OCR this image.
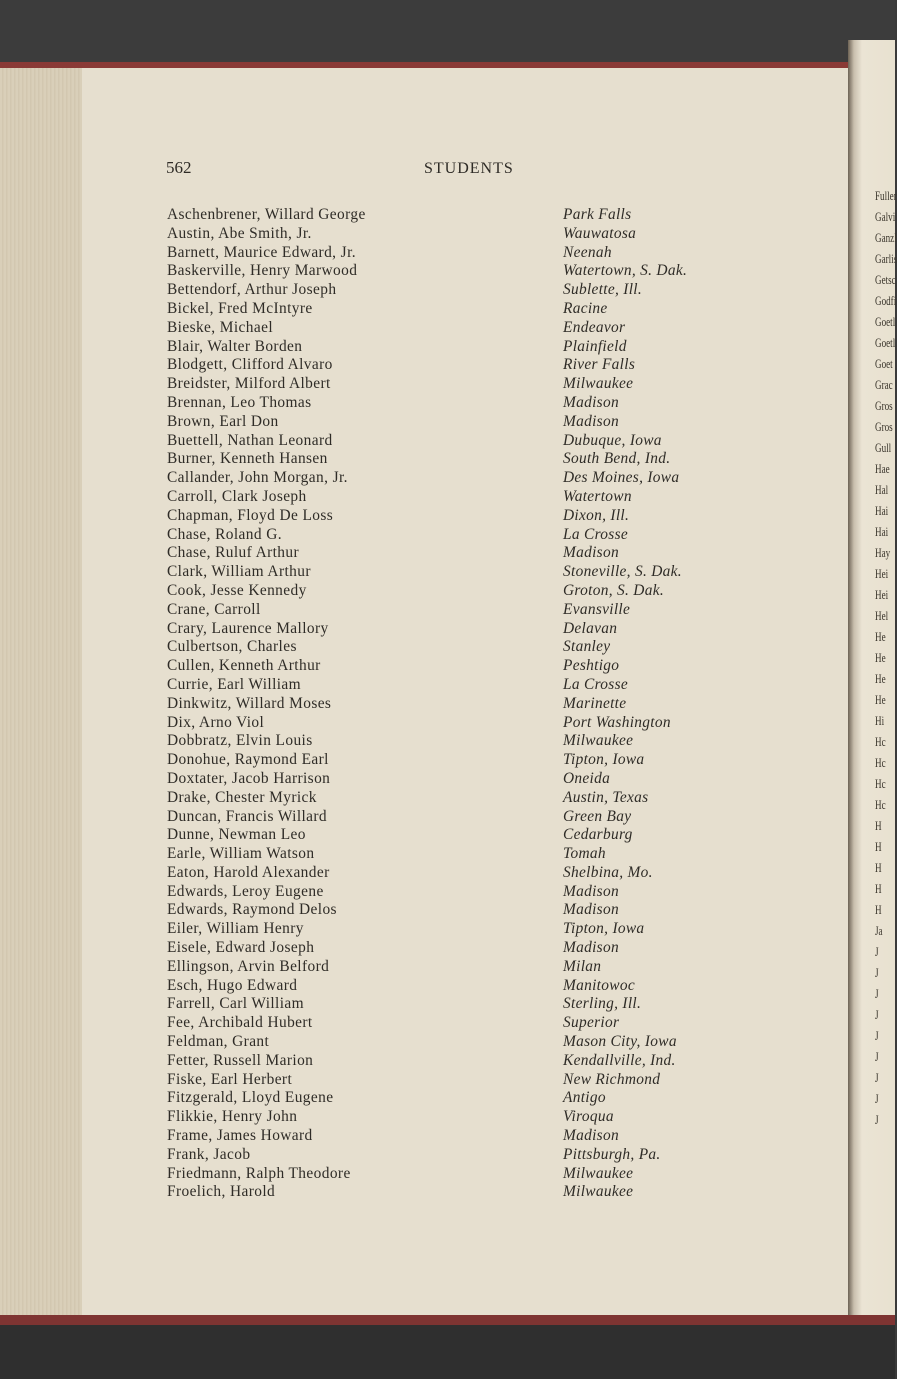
Fuller
Galvi
Ganzl
Garlis
Getsc
Godfi
Goetl
Goetl
Goet
Grac
Gros
Gros
Gull
Hae
Hal
Hai
Hai
Hay
Hei
Hei
Hel
He
He
He
He
Hi
Hc
Hc
Hc
Hc
H
H
H
H
H
Ja
J
J
J
J
J
J
J
J
J
562	STUDENTS
Aschenbrener, Willard George	Park Falls
Austin, Abe Smith, Jr.	Wauwatosa
Barnett, Maurice Edward, Jr.	Neenah
Baskerville, Henry Marwood	Watertown, S. Dak.
Bettendorf, Arthur Joseph	Sublette, Ill.
Bickel, Fred McIntyre	Racine
Bieske, Michael	Endeavor
Blair, Walter Borden	Plainfield
Blodgett, Clifford Alvaro	River Falls
Breidster, Milford Albert	Milwaukee
Brennan, Leo Thomas	Madison
Brown, Earl Don	Madison
Buettell, Nathan Leonard	Dubuque, Iowa
Burner, Kenneth Hansen	South Bend, Ind.
Callander, John Morgan, Jr.	Des Moines, Iowa
Carroll, Clark Joseph	Watertown
Chapman, Floyd De Loss	Dixon, Ill.
Chase, Roland G.	La Crosse
Chase, Ruluf Arthur	Madison
Clark, William Arthur	Stoneville, S. Dak.
Cook, Jesse Kennedy	Groton, S. Dak.
Crane, Carroll	Evansville
Crary, Laurence Mallory	Delavan
Culbertson, Charles	Stanley
Cullen, Kenneth Arthur	Peshtigo
Currie, Earl William	La Crosse
Dinkwitz, Willard Moses	Marinette
Dix, Arno Viol	Port Washington
Dobbratz, Elvin Louis	Milwaukee
Donohue, Raymond Earl	Tipton, Iowa
Doxtater, Jacob Harrison	Oneida
Drake, Chester Myrick	Austin, Texas
Duncan, Francis Willard	Green Bay
Dunne, Newman Leo	Cedarburg
Earle, William Watson	Tomah
Eaton, Harold Alexander	Shelbina, Mo.
Edwards, Leroy Eugene	Madison
Edwards, Raymond Delos	Madison
Eiler, William Henry	Tipton, Iowa
Eisele, Edward Joseph	Madison
Ellingson, Arvin Belford	Milan
Esch, Hugo Edward	Manitowoc
Farrell, Carl William	Sterling, Ill.
Fee, Archibald Hubert	Superior
Feldman, Grant	Mason City, Iowa
Fetter, Russell Marion	Kendallville, Ind.
Fiske, Earl Herbert	New Richmond
Fitzgerald, Lloyd Eugene	Antigo
Flikkie, Henry John	Viroqua
Frame, James Howard	Madison
Frank, Jacob	Pittsburgh, Pa.
Friedmann, Ralph Theodore	Milwaukee
Froelich, Harold	Milwaukee
